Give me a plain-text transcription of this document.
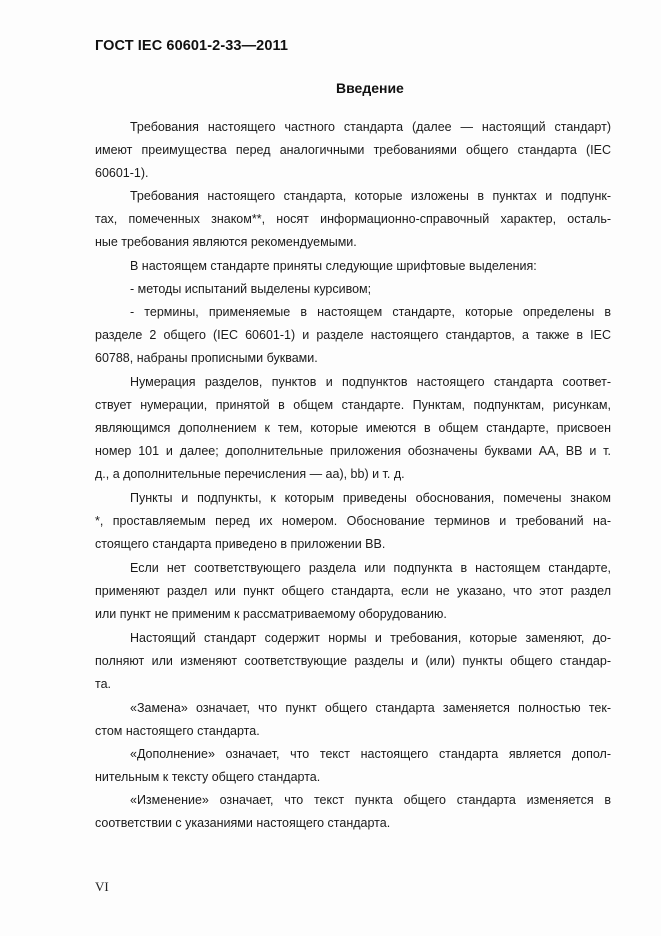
ГОСТ IEC 60601-2-33—2011

Введение

Требования настоящего частного стандарта (далее — настоящий стандарт)

имеют преимущества перед аналогичными требованиями общего стандарта (IEC

60601-1).

Требования настоящего стандарта, которые изложены в пунктах и подпунк-

тах, помеченных знаком**, носят информационно-справочный характер, осталь-

ные требования являются рекомендуемыми.

В настоящем стандарте приняты следующие шрифтовые выделения:

- методы испытаний выделены курсивом;

- термины, применяемые в настоящем стандарте, которые определены в

разделе 2 общего (IEC 60601-1) и разделе настоящего стандартов, а также в IEC

60788, набраны прописными буквами.

Нумерация разделов, пунктов и подпунктов настоящего стандарта соответ-

ствует нумерации, принятой в общем стандарте. Пунктам, подпунктам, рисункам,

являющимся дополнением к тем, которые имеются в общем стандарте, присвоен

номер 101 и далее; дополнительные приложения обозначены буквами АА, ВВ и т.

д., а дополнительные перечисления — аа), bb) и т. д.

Пункты и подпункты, к которым приведены обоснования, помечены знаком

*, проставляемым перед их номером. Обоснование терминов и требований на-

стоящего стандарта приведено в приложении ВВ.

Если нет соответствующего раздела или подпункта в настоящем стандарте,

применяют раздел или пункт общего стандарта, если не указано, что этот раздел

или пункт не применим к рассматриваемому оборудованию.

Настоящий стандарт содержит нормы и требования, которые заменяют, до-

полняют или изменяют соответствующие разделы и (или) пункты общего стандар-

та.

«Замена» означает, что пункт общего стандарта заменяется полностью тек-

стом настоящего стандарта.

«Дополнение» означает, что текст настоящего стандарта является допол-

нительным к тексту общего стандарта.

«Изменение» означает, что текст пункта общего стандарта изменяется в

соответствии с указаниями настоящего стандарта.

VI
